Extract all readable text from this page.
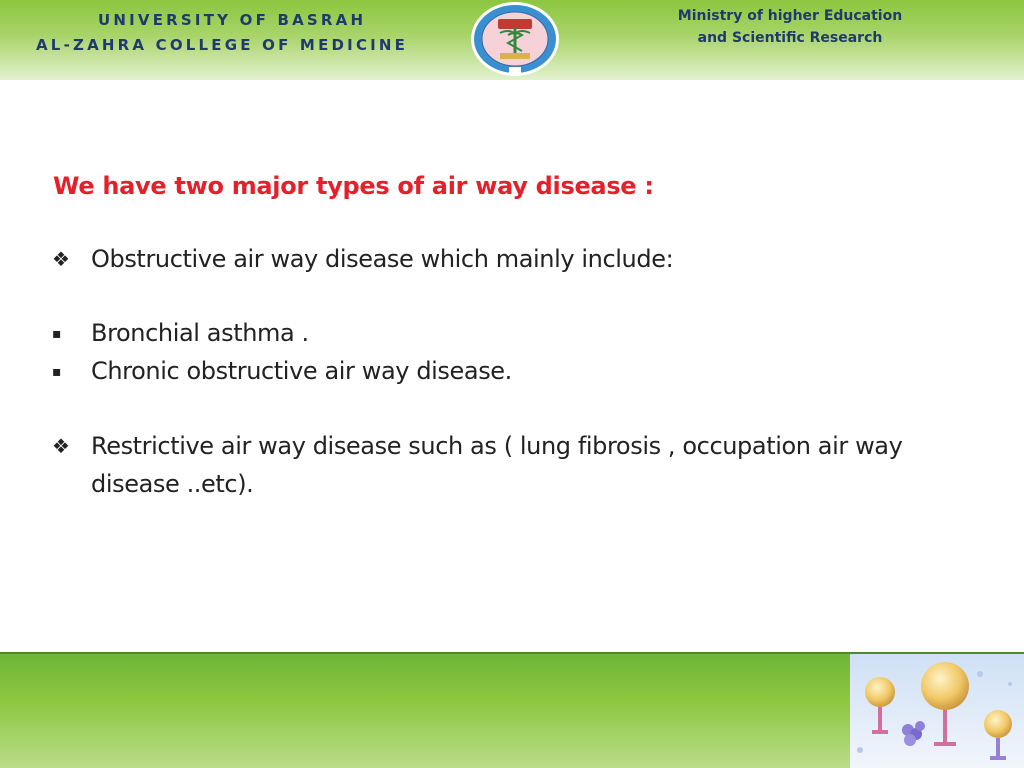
UNIVERSITY OF BASRAH
AL-ZAHRA COLLEGE OF MEDICINE
Ministry of higher Education
and Scientific Research
We have two major types of air way disease :
❖ Obstructive air way disease which mainly include:
▪	Bronchial asthma .
▪	Chronic obstructive air way disease.
❖ Restrictive air way disease such as ( lung fibrosis , occupation air way disease ..etc).
